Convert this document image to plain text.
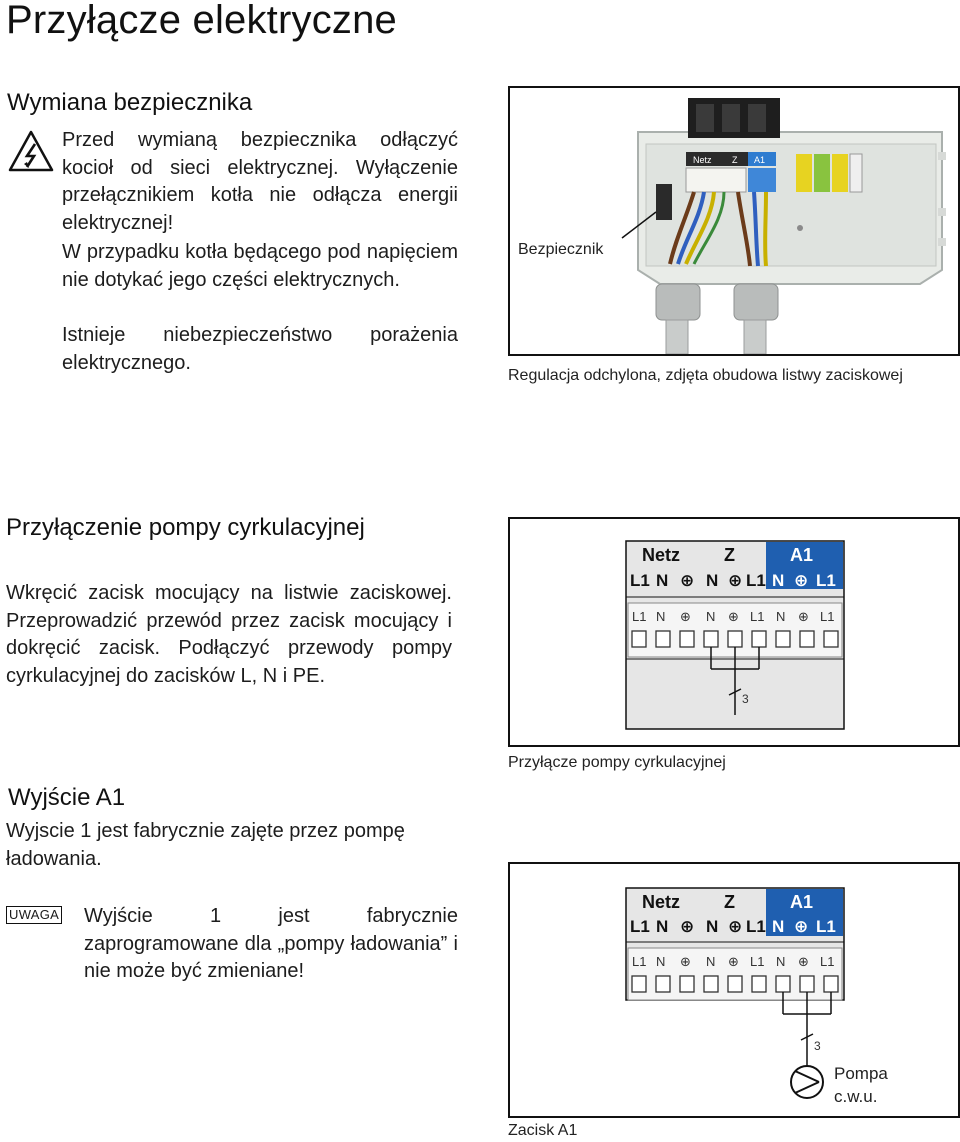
Przyłącze elektryczne
Wymiana bezpiecznika
Przed wymianą bezpiecznika odłączyć kocioł od sieci elektrycznej. Wyłączenie przełącznikiem kotła nie odłącza energii elektrycznej!
W przypadku kotła będącego pod napięciem nie dotykać jego części elektrycznych.
Istnieje niebezpieczeństwo porażenia elektrycznego.
Netz Z A1
Bezpiecznik
Regulacja odchylona, zdjęta obudowa listwy zaciskowej
Przyłączenie pompy cyrkulacyjnej
Wkręcić zacisk mocujący na listwie zaciskowej. Przeprowadzić przewód przez zacisk mocujący i dokręcić zacisk. Podłączyć przewody pompy cyrkulacyjnej do zacisków L, N i PE.
Netz Z	A1
L1 N ⊕ N ⊕ L1 N ⊕ L1
L1 N ⊕ N ⊕ L1 N ⊕ L1
3
Przyłącze pompy cyrkulacyjnej
Wyjście A1
Wyjscie 1 jest fabrycznie zajęte przez pompę ładowania.
UWAGA Wyjście 1 jest fabrycznie zaprogramowane dla „pompy ładowania” i nie może być zmieniane!
Netz Z	A1
L1 N ⊕ N ⊕ L1 N ⊕ L1
L1 N ⊕ N ⊕ L1 N ⊕ L1
3
Pompa c.w.u.
Zacisk A1
